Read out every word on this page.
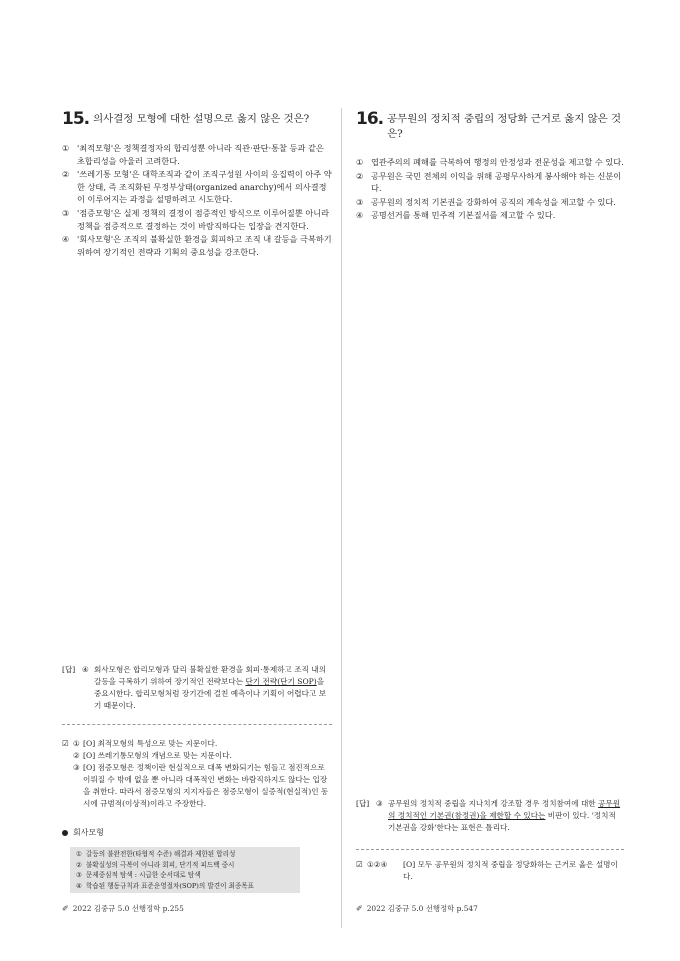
15. 의사결정 모형에 대한 설명으로 옳지 않은 것은?
① '최적모형'은 정책결정자의 합리성뿐 아니라 직관·판단·통찰 등과 같은 초합리성을 아울러 고려한다.
② '쓰레기통 모형'은 대학조직과 같이 조직구성원 사이의 응집력이 아주 약한 상태, 즉 조직화된 무정부상태(organized anarchy)에서 의사결정이 이루어지는 과정을 설명하려고 시도한다.
③ '점증모형'은 실제 정책의 결정이 점증적인 방식으로 이루어질뿐 아니라 정책을 점증적으로 결정하는 것이 바람직하다는 입장을 견지한다.
④ '회사모형'은 조직의 불확실한 환경을 회피하고 조직 내 갈등을 극복하기 위하여 장기적인 전략과 기획의 중요성을 강조한다.
16. 공무원의 정치적 중립의 정당화 근거로 옳지 않은 것은?
① 엽관주의의 폐해를 극복하여 행정의 안정성과 전문성을 제고할 수 있다.
② 공무원은 국민 전체의 이익을 위해 공평무사하게 봉사해야 하는 신분이다.
③ 공무원의 정치적 기본권을 강화하여 공직의 계속성을 제고할 수 있다.
④ 공명선거를 통해 민주적 기본질서를 제고할 수 있다.
[답] ④ 회사모형은 합리모형과 달리 불확실한 환경을 회피·통제하고 조직 내의 갈등을 극복하기 위하여 장기적인 전략보다는 단기 전략(단기 SOP)을 중요시한다. 합리모형처럼 장기간에 걸친 예측이나 기획이 어렵다고 보기 때문이다.
☑ ① [O] 최적모형의 특성으로 맞는 지문이다.
② [O] 쓰레기통모형의 개념으로 맞는 지문이다.
③ [O] 점증모형은 정책이란 현실적으로 대폭 변화되기는 힘들고 점진적으로 이뤄질 수 밖에 없을 뿐 아니라 대폭적인 변화는 바람직하지도 않다는 입장을 취한다. 따라서 점증모형의 지지자들은 점증모형이 실증적(현실적)인 동시에 규범적(이상적)이라고 주장한다.
회사모형
① 갈등의 불완전한(타협적 수준) 해결과 제한된 합리성
② 불확실성의 극복이 아니라 회피, 단기적 피드백 중시
③ 문제중심적 탐색 : 시급한 순서대로 탐색
④ 학습된 행동규칙과 표준운영절차(SOP)의 발견이 최종목표
✐ 2022 김중규 5.0 선행정학 p.255
[답] ③ 공무원의 정치적 중립을 지나치게 강조할 경우 정치참여에 대한 공무원의 정치적인 기본권(참정권)을 제한할 수 있다는 비판이 있다. '정치적 기본권을 강화'한다는 표현은 틀리다.
☑ ①②④	[O] 모두 공무원의 정치적 중립을 정당화하는 근거로 옳은 설명이다.
✐ 2022 김중규 5.0 선행정학 p.547
